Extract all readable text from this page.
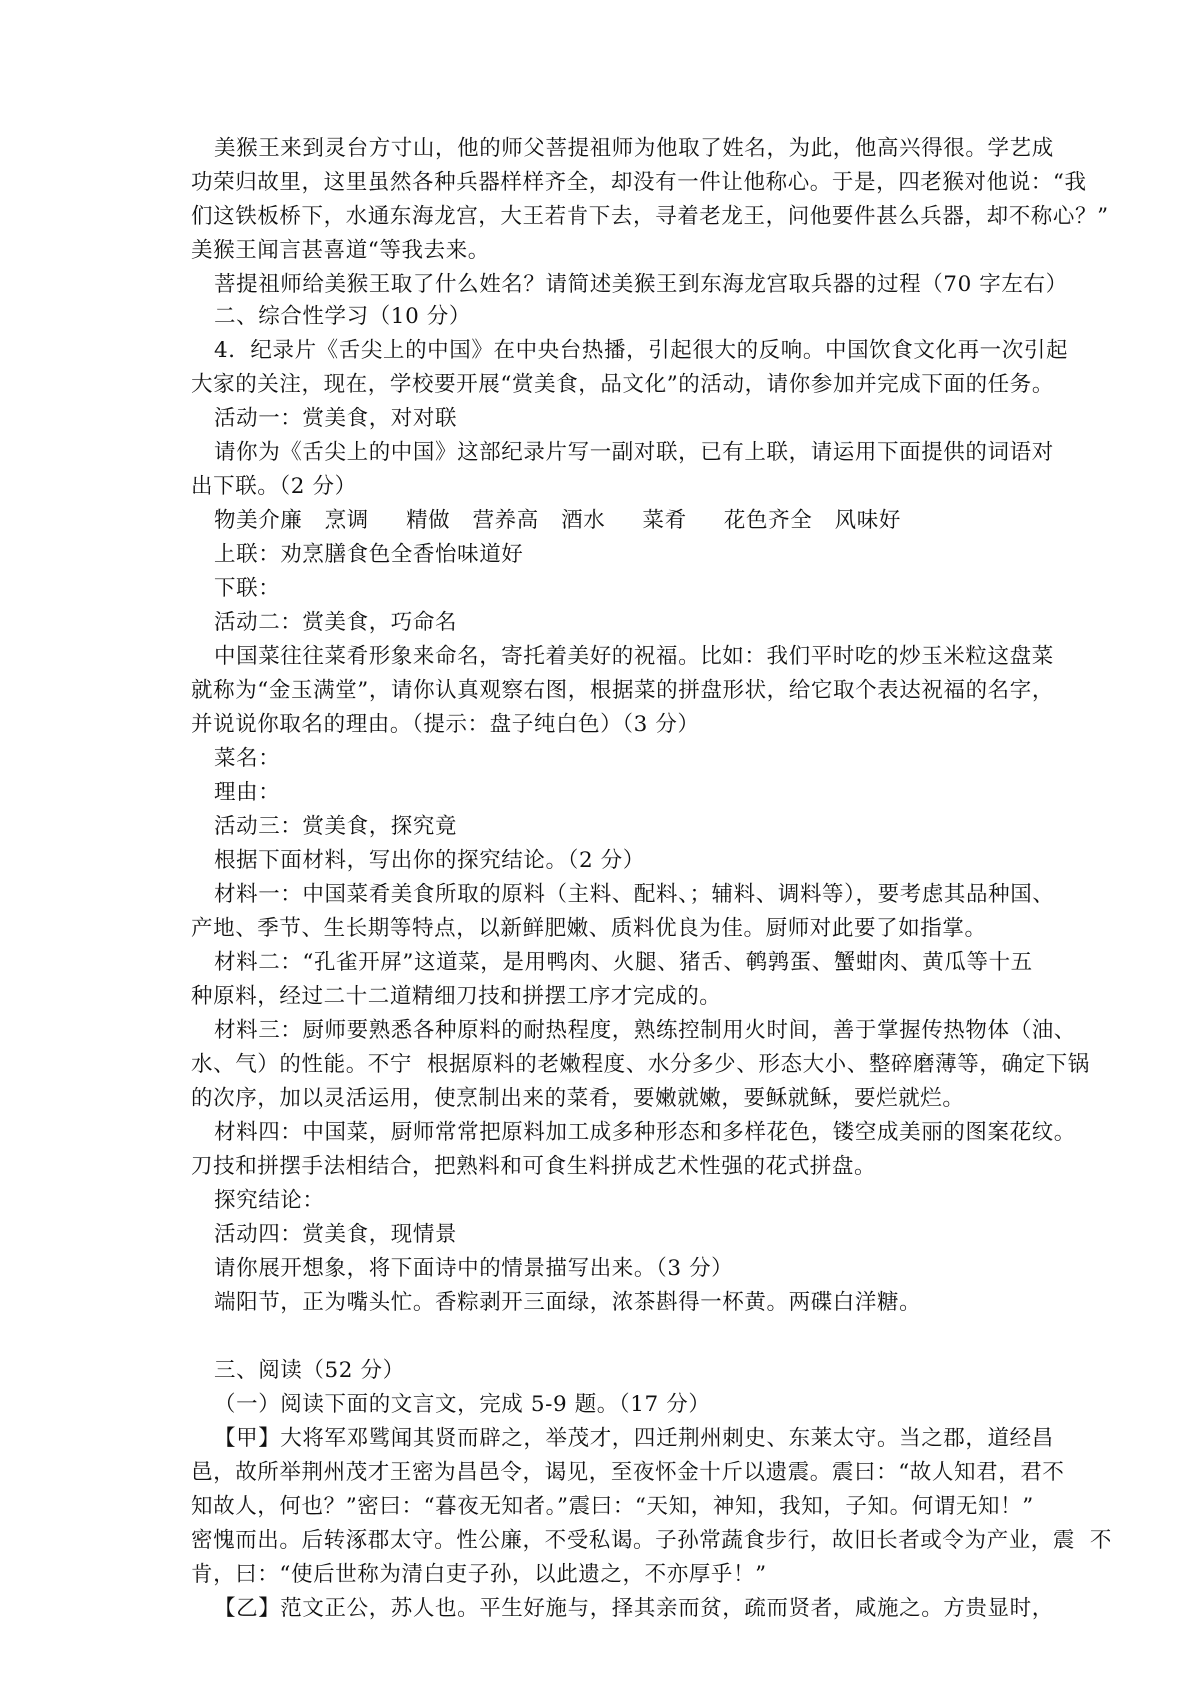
美猴王来到灵台方寸山，他的师父菩提祖师为他取了姓名，为此，他高兴得很。学艺成
功荣归故里，这里虽然各种兵器样样齐全，却没有一件让他称心。于是，四老猴对他说：“我
们这铁板桥下，水通东海龙宫，大王若肯下去，寻着老龙王，问他要件甚么兵器，却不称心？”
美猴王闻言甚喜道“等我去来。
菩提祖师给美猴王取了什么姓名？请简述美猴王到东海龙宫取兵器的过程（70 字左右）
二、综合性学习（10 分）
4．纪录片《舌尖上的中国》在中央台热播，引起很大的反响。中国饮食文化再一次引起
大家的关注，现在，学校要开展“赏美食，品文化”的活动，请你参加并完成下面的任务。
活动一：赏美食，对对联
请你为《舌尖上的中国》这部纪录片写一副对联，已有上联，请运用下面提供的词语对
出下联。（2 分）
物美介廉   烹调     精做   营养高   酒水     菜肴     花色齐全   风味好
上联：劝烹膳食色全香怡味道好
下联：
活动二：赏美食，巧命名
中国菜往往菜肴形象来命名，寄托着美好的祝福。比如：我们平时吃的炒玉米粒这盘菜
就称为“金玉满堂”，请你认真观察右图，根据菜的拼盘形状，给它取个表达祝福的名字，
并说说你取名的理由。（提示：盘子纯白色）（3 分）
菜名：
理由：
活动三：赏美食，探究竟
根据下面材料，写出你的探究结论。（2 分）
材料一：中国菜肴美食所取的原料（主料、配料、；辅料、调料等），要考虑其品种国、
产地、季节、生长期等特点，以新鲜肥嫩、质料优良为佳。厨师对此要了如指掌。
材料二：“孔雀开屏”这道菜，是用鸭肉、火腿、猪舌、鹌鹑蛋、蟹蚶肉、黄瓜等十五
种原料，经过二十二道精细刀技和拼摆工序才完成的。
材料三：厨师要熟悉各种原料的耐热程度，熟练控制用火时间，善于掌握传热物体（油、
水、气）的性能。不宁  根据原料的老嫩程度、水分多少、形态大小、整碎磨薄等，确定下锅
的次序，加以灵活运用，使烹制出来的菜肴，要嫩就嫩，要稣就稣，要烂就烂。
材料四：中国菜，厨师常常把原料加工成多种形态和多样花色，镂空成美丽的图案花纹。
刀技和拼摆手法相结合，把熟料和可食生料拼成艺术性强的花式拼盘。
探究结论：
活动四：赏美食，现情景
请你展开想象，将下面诗中的情景描写出来。（3 分）
端阳节，正为嘴头忙。香粽剥开三面绿，浓茶斟得一杯黄。两碟白洋糖。
三、阅读（52 分）
（一）阅读下面的文言文，完成 5-9 题。（17 分）
【甲】大将军邓骘闻其贤而辟之，举茂才，四迁荆州刺史、东莱太守。当之郡，道经昌
邑，故所举荆州茂才王密为昌邑令，谒见，至夜怀金十斤以遗震。震曰：“故人知君，君不
知故人，何也？”密曰：“暮夜无知者。”震曰：“天知，神知，我知，子知。何谓无知！”
密愧而出。后转涿郡太守。性公廉，不受私谒。子孙常蔬食步行，故旧长者或令为产业，震  不
肯，曰：“使后世称为清白吏子孙，以此遗之，不亦厚乎！”
【乙】范文正公，苏人也。平生好施与，择其亲而贫，疏而贤者，咸施之。方贵显时，
